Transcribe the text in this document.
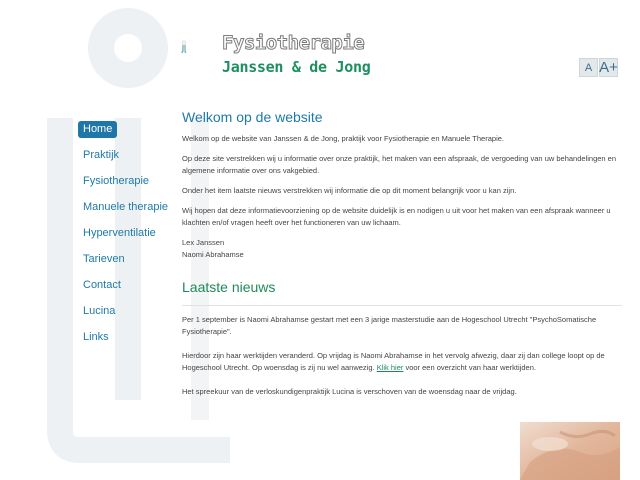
Fysiotherapie
Janssen & de Jong	A A+
Home
Praktijk
Fysiotherapie
Manuele therapie
Hyperventilatie
Tarieven
Contact
Lucina
Links
Welkom op de website

Welkom op de website van Janssen & de Jong, praktijk voor Fysiotherapie en Manuele Therapie.

Op deze site verstrekken wij u informatie over onze praktijk, het maken van een afspraak, de vergoeding van uw behandelingen en algemene informatie over ons vakgebied.

Onder het item laatste nieuws verstrekken wij informatie die op dit moment belangrijk voor u kan zijn.

Wij hopen dat deze informatievoorziening op de website duidelijk is en nodigen u uit voor het maken van een afspraak wanneer u klachten en/of vragen heeft over het functioneren van uw lichaam.

Lex Janssen
Naomi Abrahamse

Laatste nieuws

Per 1 september is Naomi Abrahamse gestart met een 3 jarige masterstudie aan de Hogeschool Utrecht "PsychoSomatische Fysiotherapie".

Hierdoor zijn haar werktijden veranderd. Op vrijdag is Naomi Abrahamse in het vervolg afwezig, daar zij dan college loopt op de Hogeschool Utrecht. Op woensdag is zij nu wel aanwezig. Klik hier voor een overzicht van haar werktijden.

Het spreekuur van de verloskundigenpraktijk Lucina is verschoven van de woensdag naar de vrijdag.
